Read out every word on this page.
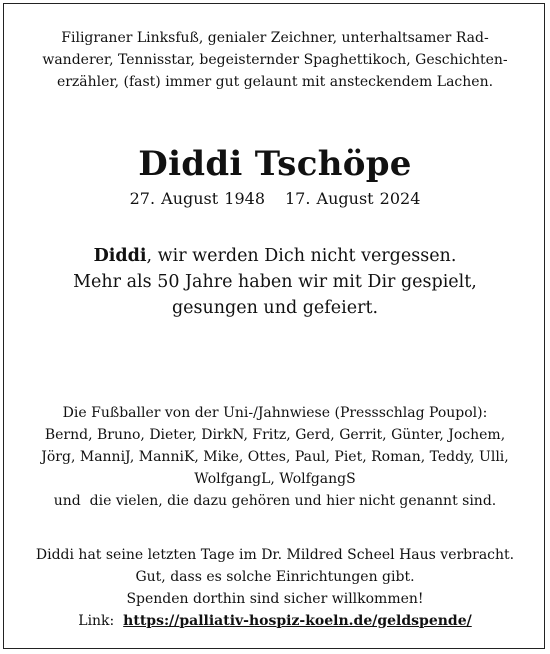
Filigraner Linksfuß, genialer Zeichner, unterhaltsamer Rad-
wanderer, Tennisstar, begeisternder Spaghettikoch, Geschichten-
erzähler, (fast) immer gut gelaunt mit ansteckendem Lachen.
Diddi Tschöpe
27. August 1948 17. August 2024
Diddi, wir werden Dich nicht vergessen.
Mehr als 50 Jahre haben wir mit Dir gespielt,
gesungen und gefeiert.
Die Fußballer von der Uni-/Jahnwiese (Pressschlag Poupol):
Bernd, Bruno, Dieter, DirkN, Fritz, Gerd, Gerrit, Günter, Jochem,
Jörg, ManniJ, ManniK, Mike, Ottes, Paul, Piet, Roman, Teddy, Ulli,
WolfgangL, WolfgangS
und  die vielen, die dazu gehören und hier nicht genannt sind.
Diddi hat seine letzten Tage im Dr. Mildred Scheel Haus verbracht.
Gut, dass es solche Einrichtungen gibt.
Spenden dorthin sind sicher willkommen!
Link: https://palliativ-hospiz-koeln.de/geldspende/
